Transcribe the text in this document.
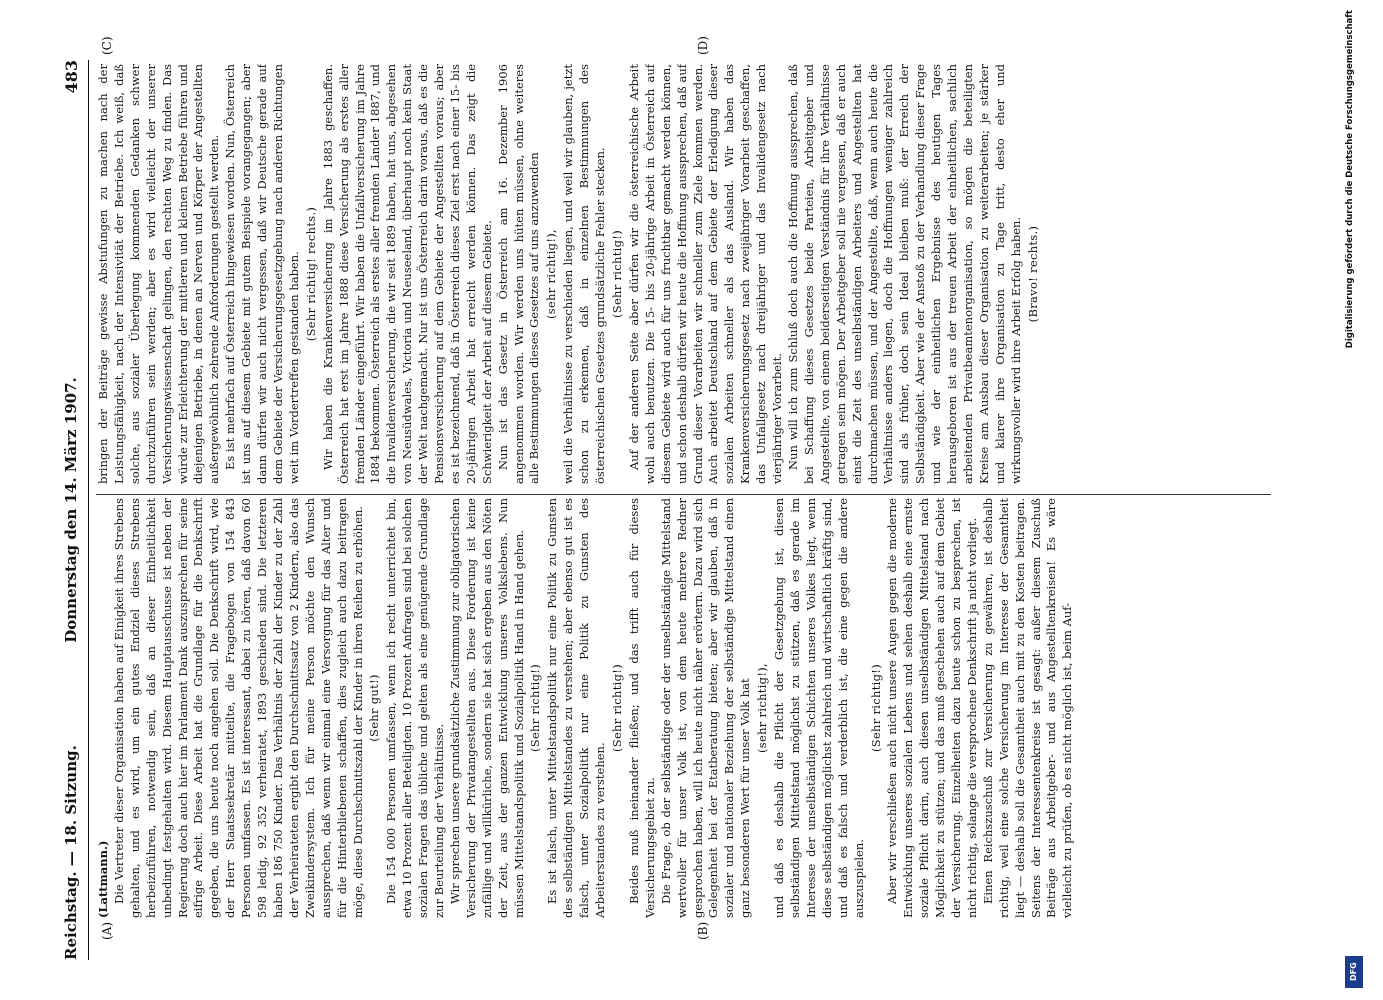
Reichstag. — 18. Sitzung.
Donnerstag den 14. März 1907.
483
(A)	(B)
(C)	(D)

(Lattmann.) Die Vertreter dieser Organisation haben auf Einigkeit ihres Strebens gehalten, und es wird, um ein gutes Endziel dieses Strebens herbeizuführen, notwendig sein, daß an dieser Einheitlichkeit unbedingt festgehalten wird. Diesem Hauptausschusse ist neben der Regierung doch auch hier im Parlament Dank auszusprechen für seine eifrige Arbeit. Diese Arbeit hat die Grundlage für die Denkschrift gegeben, die uns heute noch angehen soll. Die Denkschrift wird, wie der Herr Staatssekretär mitteilte, die Fragebogen von 154 843 Personen umfassen. Es ist interessant, dabei zu hören, daß davon 60 598 ledig, 92 352 verheiratet, 1893 geschieden sind. Die letzteren haben 186 750 Kinder. Das Verhältnis der Zahl der Kinder zu der Zahl der Verheirateten ergibt den Durchschnittssatz von 2 Kindern, also das Zweikindersystem. Ich für meine Person möchte den Wunsch aussprechen, daß wenn wir einmal eine Versorgung für das Alter und für die Hinterbliebenen schaffen, dies zugleich auch dazu beitragen möge, diese Durchschnittszahl der Kinder in ihren Reihen zu erhöhen. (Sehr gut!) Die 154 000 Personen umfassen, wenn ich recht unterrichtet bin, etwa 10 Prozent aller Beteiligten. 10 Prozent Anfragen sind bei solchen sozialen Fragen das übliche und gelten als eine genügende Grundlage zur Beurteilung der Verhältnisse. Wir sprechen unsere grundsätzliche Zustimmung zur obligatorischen Versicherung der Privatangestellten aus. Diese Forderung ist keine zufällige und willkürliche, sondern sie hat sich ergeben aus den Nöten der Zeit, aus der ganzen Entwicklung unseres Volkslebens. Nun müssen Mittelstandspolitik und Sozialpolitik Hand in Hand gehen. (Sehr richtig!) Es ist falsch, unter Mittelstandspolitik nur eine Politik zu Gunsten des selbständigen Mittelstandes zu verstehen; aber ebenso gut ist es falsch, unter Sozialpolitik nur eine Politik zu Gunsten des Arbeiterstandes zu verstehen.

(Sehr richtig!) Beides muß ineinander fließen; und das trifft auch für dieses Versicherungsgebiet zu. Die Frage, ob der selbständige oder der unselbständige Mittelstand wertvoller für unser Volk ist, von dem heute mehrere Redner gesprochen haben, will ich heute nicht näher erörtern. Dazu wird sich Gelegenheit bei der Etatberatung bieten; aber wir glauben, daß in sozialer und nationaler Beziehung der selbständige Mittelstand einen ganz besonderen Wert für unser Volk hat (sehr richtig!), und daß es deshalb die Pflicht der Gesetzgebung ist, diesen selbständigen Mittelstand möglichst zu stützen, daß es gerade im Interesse der unselbständigen Schichten unseres Volkes liegt, wenn diese selbständigen möglichst zahlreich und wirtschaftlich kräftig sind, und daß es falsch und verderblich ist, die eine gegen die andere auszuspielen.

(Sehr richtig!) Aber wir verschließen auch nicht unsere Augen gegen die moderne Entwicklung unseres sozialen Lebens und sehen deshalb eine ernste soziale Pflicht darin, auch diesen unselbständigen Mittelstand nach Möglichkeit zu stützen; und das muß geschehen auch auf dem Gebiet der Versicherung. Einzelheiten dazu heute schon zu besprechen, ist nicht richtig, solange die versprochene Denkschrift ja nicht vorliegt. Einen Reichszuschuß zur Versicherung zu gewähren, ist deshalb richtig, weil eine solche Versicherung im Interesse der Gesamtheit liegt — deshalb soll die Gesamtheit auch mit zu den Kosten beitragen. Seitens der Interessentenkreise ist gesagt: außer diesem Zuschuß Beiträge aus Arbeitgeber- und aus Angestelltenkreisen! Es wäre vielleicht zu prüfen, ob es nicht möglich ist, beim Auf-

bringen der Beiträge gewisse Abstufungen zu machen nach der Leistungsfähigkeit, nach der Intensivität der Betriebe. Ich weiß, daß solche, aus sozialer Überlegung kommenden Gedanken schwer durchzuführen sein werden; aber es wird vielleicht der unserer Versicherungswissenschaft gelingen, den rechten Weg zu finden. Das würde zur Erleichterung der mittleren und kleinen Betriebe führen und diejenigen Betriebe, in denen an Nerven und Körper der Angestellten außergewöhnlich zehrende Anforderungen gestellt werden. Es ist mehrfach auf Österreich hingewiesen worden. Nun, Österreich ist uns auf diesem Gebiete mit gutem Beispiele vorangegangen; aber dann dürfen wir auch nicht vergessen, daß wir Deutsche gerade auf dem Gebiete der Versicherungsgesetzgebung nach anderen Richtungen weit im Vordertreffen gestanden haben. (Sehr richtig! rechts.) Wir haben die Krankenversicherung im Jahre 1883 geschaffen. Österreich hat erst im Jahre 1888 diese Versicherung als erstes aller fremden Länder eingeführt. Wir haben die Unfallversicherung im Jahre 1884 bekommen. Österreich als erstes aller fremden Länder 1887, und die Invalidenversicherung, die wir seit 1889 haben, hat uns, abgesehen von Neusüdwales, Victoria und Neuseeland, überhaupt noch kein Staat der Welt nachgemacht. Nur ist uns Österreich darin voraus, daß es die Pensionsversicherung auf dem Gebiete der Angestellten voraus; aber es ist bezeichnend, daß in Österreich dieses Ziel erst nach einer 15- bis 20-jährigen Arbeit hat erreicht werden können. Das zeigt die Schwierigkeit der Arbeit auf diesem Gebiete. Nun ist das Gesetz in Österreich am 16. Dezember 1906 angenommen worden. Wir werden uns hüten müssen, ohne weiteres alle Bestimmungen dieses Gesetzes auf uns anzuwenden (sehr richtig!), weil die Verhältnisse zu verschieden liegen, und weil wir glauben, jetzt schon zu erkennen, daß in einzelnen Bestimmungen des österreichischen Gesetzes grundsätzliche Fehler stecken. (Sehr richtig!) Auf der anderen Seite aber dürfen wir die österreichische Arbeit wohl auch benutzen. Die 15- bis 20-jährige Arbeit in Österreich auf diesem Gebiete wird auch für uns fruchtbar gemacht werden können, und schon deshalb dürfen wir heute die Hoffnung aussprechen, daß auf Grund dieser Vorarbeiten wir schneller zum Ziele kommen werden. Auch arbeitet Deutschland auf dem Gebiete der Erledigung dieser sozialen Arbeiten schneller als das Ausland. Wir haben das Krankenversicherungsgesetz nach zweijähriger Vorarbeit geschaffen, das Unfallgesetz nach dreijähriger und das Invalidengesetz nach vierjähriger Vorarbeit. Nun will ich zum Schluß doch auch die Hoffnung aussprechen, daß bei Schaffung dieses Gesetzes beide Parteien, Arbeitgeber und Angestellte, von einem beiderseitigen Verständnis für ihre Verhältnisse getragen sein mögen. Der Arbeitgeber soll nie vergessen, daß er auch einst die Zeit des unselbständigen Arbeiters und Angestellten hat durchmachen müssen, und der Angestellte, daß, wenn auch heute die Verhältnisse anders liegen, doch die Hoffnungen weniger zahlreich sind als früher, doch sein Ideal bleiben muß: der Erreich der Selbständigkeit. Aber wie der Anstoß zu der Verhandlung dieser Frage und wie der einheitlichen Ergebnisse des heutigen Tages herausgeboren ist aus der treuen Arbeit der einheitlichen, sachlich arbeitenden Privatbeamtenorganisation, so mögen die beteiligten Kreise am Ausbau dieser Organisation zu weiterarbeiten; je stärker und klarer ihre Organisation zu Tage tritt, desto eher und wirkungsvoller wird ihre Arbeit Erfolg haben. (Bravo! rechts.)	Digitalisierung gefördert durch die Deutsche Forschungsgemeinschaft
DFG
